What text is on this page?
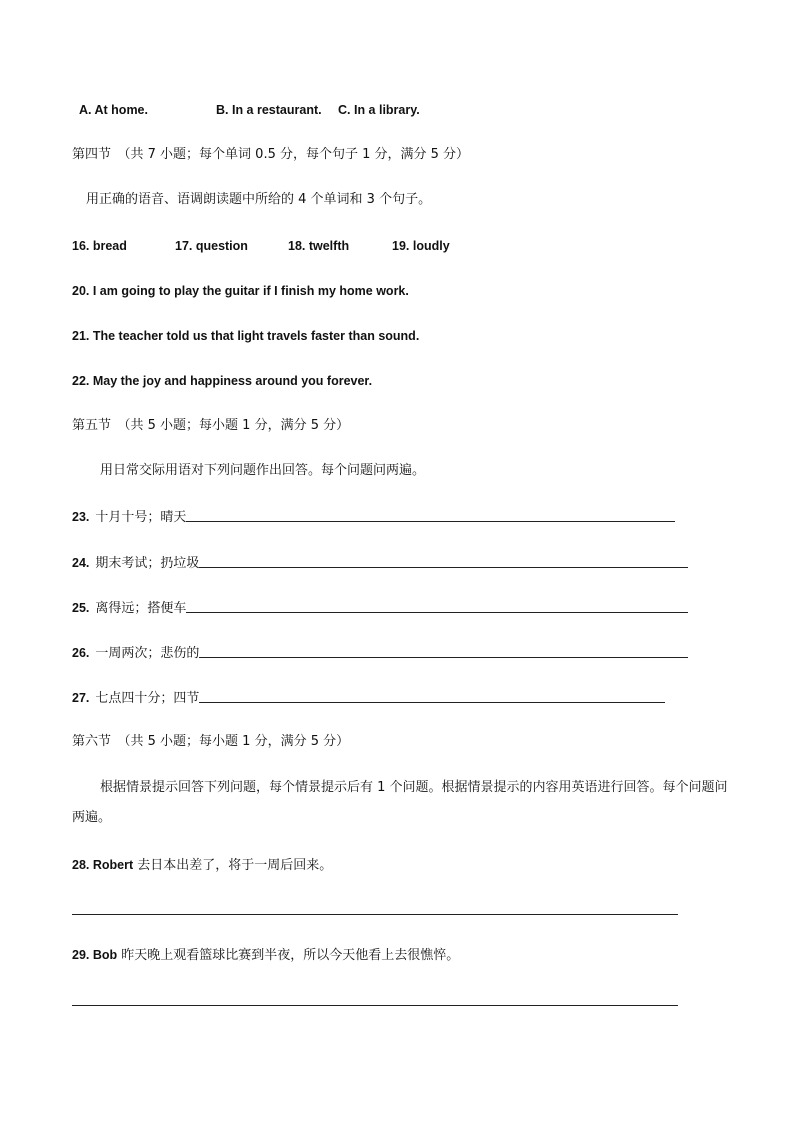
A. At home.	B. In a restaurant. C. In a library.
第四节　（共 7 小题；每个单词 0.5 分，每个句子 1 分，满分 5 分）
用正确的语音、语调朗读题中所给的 4 个单词和 3 个句子。
16. bread	17. question	18. twelfth	19. loudly
20. I am going to play the guitar if I finish my home work.
21. The teacher told us that light travels faster than sound.
22. May the joy and happiness around you forever.
第五节　（共 5 小题；每小题 1 分，满分 5 分）
用日常交际用语对下列问题作出回答。每个问题问两遍。
23. 十月十号；晴天
24. 期末考试；扔垃圾
25. 离得远；搭便车
26. 一周两次；悲伤的
27. 七点四十分；四节
第六节　（共 5 小题；每小题 1 分，满分 5 分）
根据情景提示回答下列问题，每个情景提示后有 1 个问题。根据情景提示的内容用英语进行回答。每个问题问两遍。
28. Robert 去日本出差了，将于一周后回来。
29. Bob 昨天晚上观看篮球比赛到半夜，所以今天他看上去很憔悴。
